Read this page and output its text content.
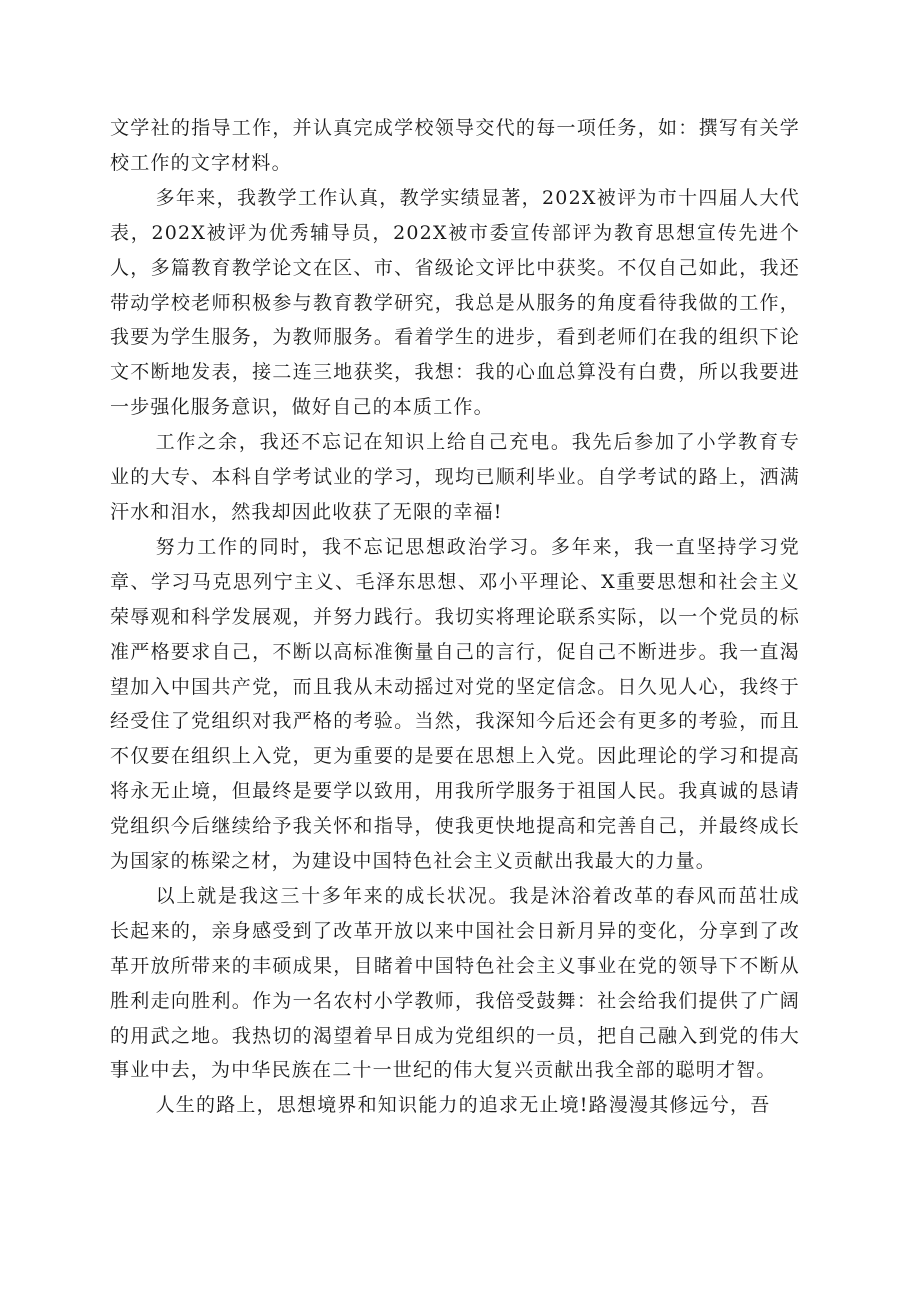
文学社的指导工作，并认真完成学校领导交代的每一项任务，如：撰写有关学校工作的文字材料。

多年来，我教学工作认真，教学实绩显著，202X被评为市十四届人大代表，202X被评为优秀辅导员，202X被市委宣传部评为教育思想宣传先进个人，多篇教育教学论文在区、市、省级论文评比中获奖。不仅自己如此，我还带动学校老师积极参与教育教学研究，我总是从服务的角度看待我做的工作，我要为学生服务，为教师服务。看着学生的进步，看到老师们在我的组织下论文不断地发表，接二连三地获奖，我想：我的心血总算没有白费，所以我要进一步强化服务意识，做好自己的本质工作。

工作之余，我还不忘记在知识上给自己充电。我先后参加了小学教育专业的大专、本科自学考试业的学习，现均已顺利毕业。自学考试的路上，洒满汗水和泪水，然我却因此收获了无限的幸福!

努力工作的同时，我不忘记思想政治学习。多年来，我一直坚持学习党章、学习马克思列宁主义、毛泽东思想、邓小平理论、X重要思想和社会主义荣辱观和科学发展观，并努力践行。我切实将理论联系实际，以一个党员的标准严格要求自己，不断以高标准衡量自己的言行，促自己不断进步。我一直渴望加入中国共产党，而且我从未动摇过对党的坚定信念。日久见人心，我终于经受住了党组织对我严格的考验。当然，我深知今后还会有更多的考验，而且不仅要在组织上入党，更为重要的是要在思想上入党。因此理论的学习和提高将永无止境，但最终是要学以致用，用我所学服务于祖国人民。我真诚的恳请党组织今后继续给予我关怀和指导，使我更快地提高和完善自己，并最终成长为国家的栋梁之材，为建设中国特色社会主义贡献出我最大的力量。

以上就是我这三十多年来的成长状况。我是沐浴着改革的春风而茁壮成长起来的，亲身感受到了改革开放以来中国社会日新月异的变化，分享到了改革开放所带来的丰硕成果，目睹着中国特色社会主义事业在党的领导下不断从胜利走向胜利。作为一名农村小学教师，我倍受鼓舞：社会给我们提供了广阔的用武之地。我热切的渴望着早日成为党组织的一员，把自己融入到党的伟大事业中去，为中华民族在二十一世纪的伟大复兴贡献出我全部的聪明才智。

人生的路上，思想境界和知识能力的追求无止境!路漫漫其修远兮，吾
